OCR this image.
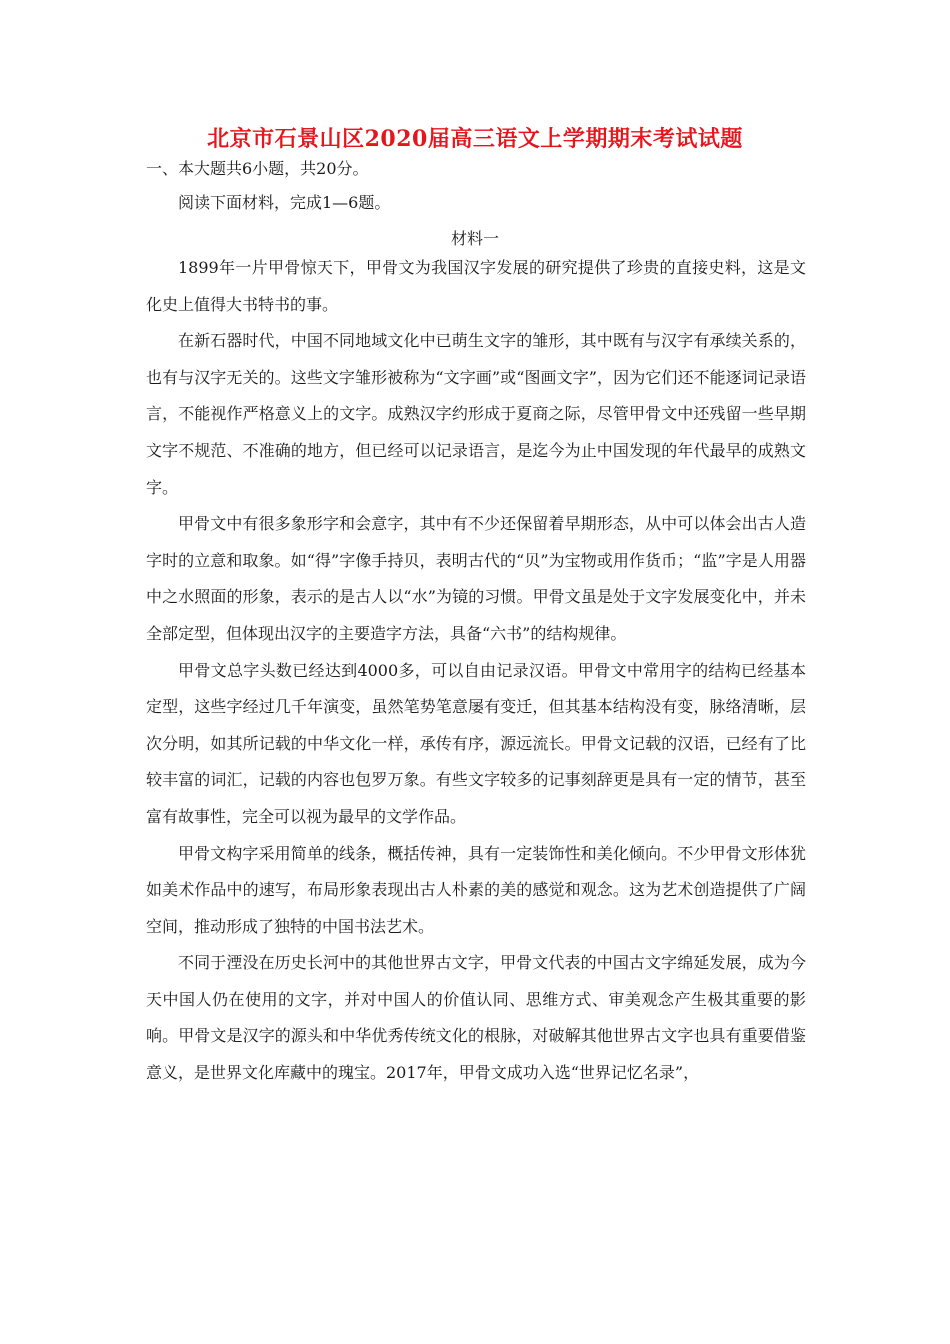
北京市石景山区2020届高三语文上学期期末考试试题

一、本大题共6小题，共20分。

阅读下面材料，完成1—6题。

材料一

1899年一片甲骨惊天下，甲骨文为我国汉字发展的研究提供了珍贵的直接史料，这是文化史上值得大书特书的事。

在新石器时代，中国不同地域文化中已萌生文字的雏形，其中既有与汉字有承续关系的，也有与汉字无关的。这些文字雏形被称为“文字画”或“图画文字”，因为它们还不能逐词记录语言，不能视作严格意义上的文字。成熟汉字约形成于夏商之际，尽管甲骨文中还残留一些早期文字不规范、不准确的地方，但已经可以记录语言，是迄今为止中国发现的年代最早的成熟文字。

甲骨文中有很多象形字和会意字，其中有不少还保留着早期形态，从中可以体会出古人造字时的立意和取象。如“得”字像手持贝，表明古代的“贝”为宝物或用作货币；“监”字是人用器中之水照面的形象，表示的是古人以“水”为镜的习惯。甲骨文虽是处于文字发展变化中，并未全部定型，但体现出汉字的主要造字方法，具备“六书”的结构规律。

甲骨文总字头数已经达到4000多，可以自由记录汉语。甲骨文中常用字的结构已经基本定型，这些字经过几千年演变，虽然笔势笔意屡有变迁，但其基本结构没有变，脉络清晰，层次分明，如其所记载的中华文化一样，承传有序，源远流长。甲骨文记载的汉语，已经有了比较丰富的词汇，记载的内容也包罗万象。有些文字较多的记事刻辞更是具有一定的情节，甚至富有故事性，完全可以视为最早的文学作品。

甲骨文构字采用简单的线条，概括传神，具有一定装饰性和美化倾向。不少甲骨文形体犹如美术作品中的速写，布局形象表现出古人朴素的美的感觉和观念。这为艺术创造提供了广阔空间，推动形成了独特的中国书法艺术。

不同于湮没在历史长河中的其他世界古文字，甲骨文代表的中国古文字绵延发展，成为今天中国人仍在使用的文字，并对中国人的价值认同、思维方式、审美观念产生极其重要的影响。甲骨文是汉字的源头和中华优秀传统文化的根脉，对破解其他世界古文字也具有重要借鉴意义，是世界文化库藏中的瑰宝。2017年，甲骨文成功入选“世界记忆名录”，
